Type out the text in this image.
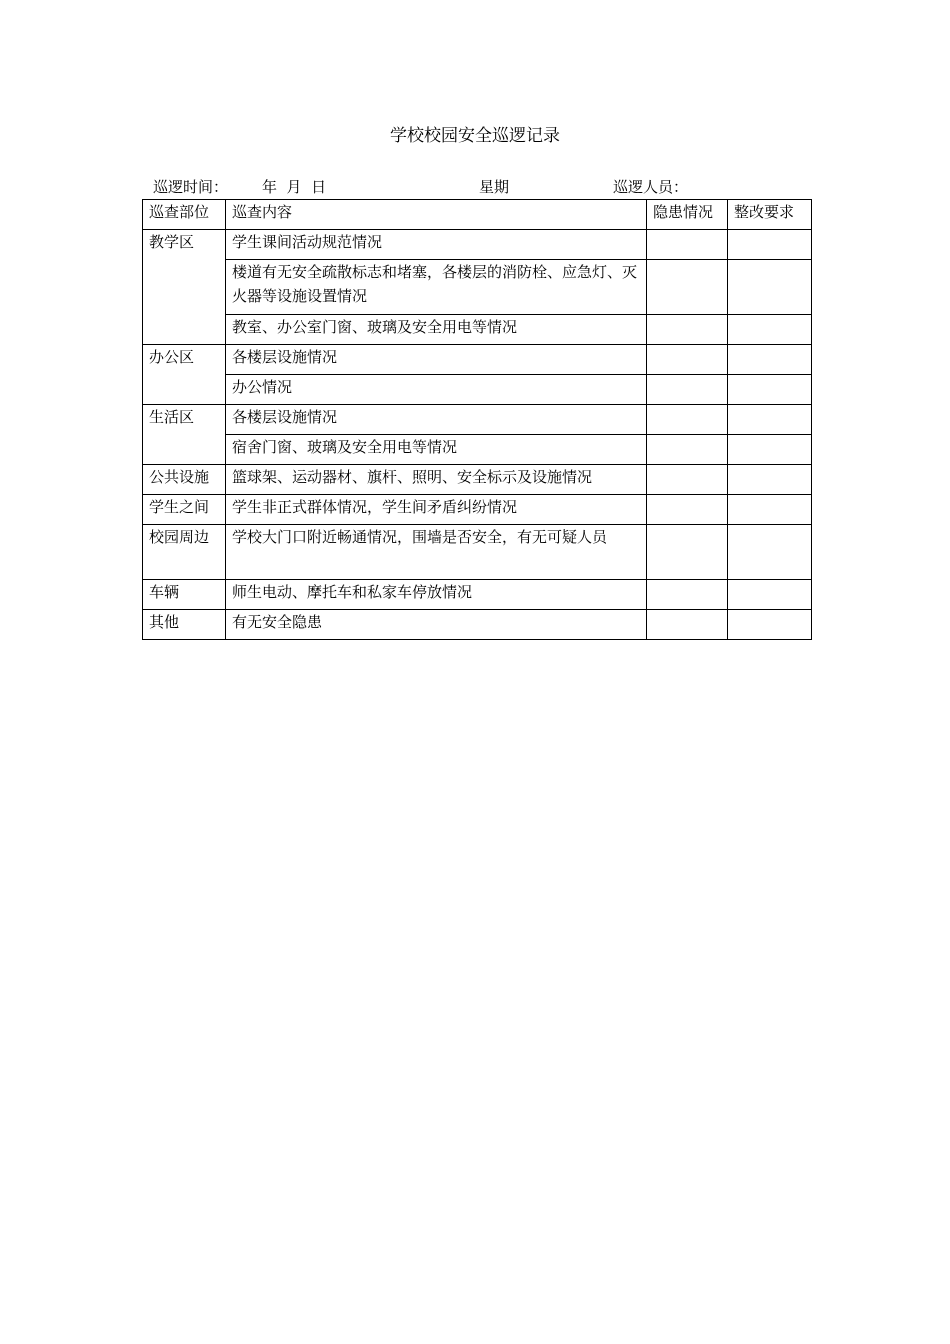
学校校园安全巡逻记录
巡逻时间： 年  月  日	星期	巡逻人员：
巡查部位	巡查内容	隐患情况	整改要求
教学区	学生课间活动规范情况		
	楼道有无安全疏散标志和堵塞，各楼层的消防栓、应急灯、灭火器等设施设置情况		
	教室、办公室门窗、玻璃及安全用电等情况		
办公区	各楼层设施情况		
	办公情况		
生活区	各楼层设施情况		
	宿舍门窗、玻璃及安全用电等情况		
公共设施	篮球架、运动器材、旗杆、照明、安全标示及设施情况		
学生之间	学生非正式群体情况，学生间矛盾纠纷情况		
校园周边	学校大门口附近畅通情况，围墙是否安全，有无可疑人员		
车辆	师生电动、摩托车和私家车停放情况		
其他	有无安全隐患		
